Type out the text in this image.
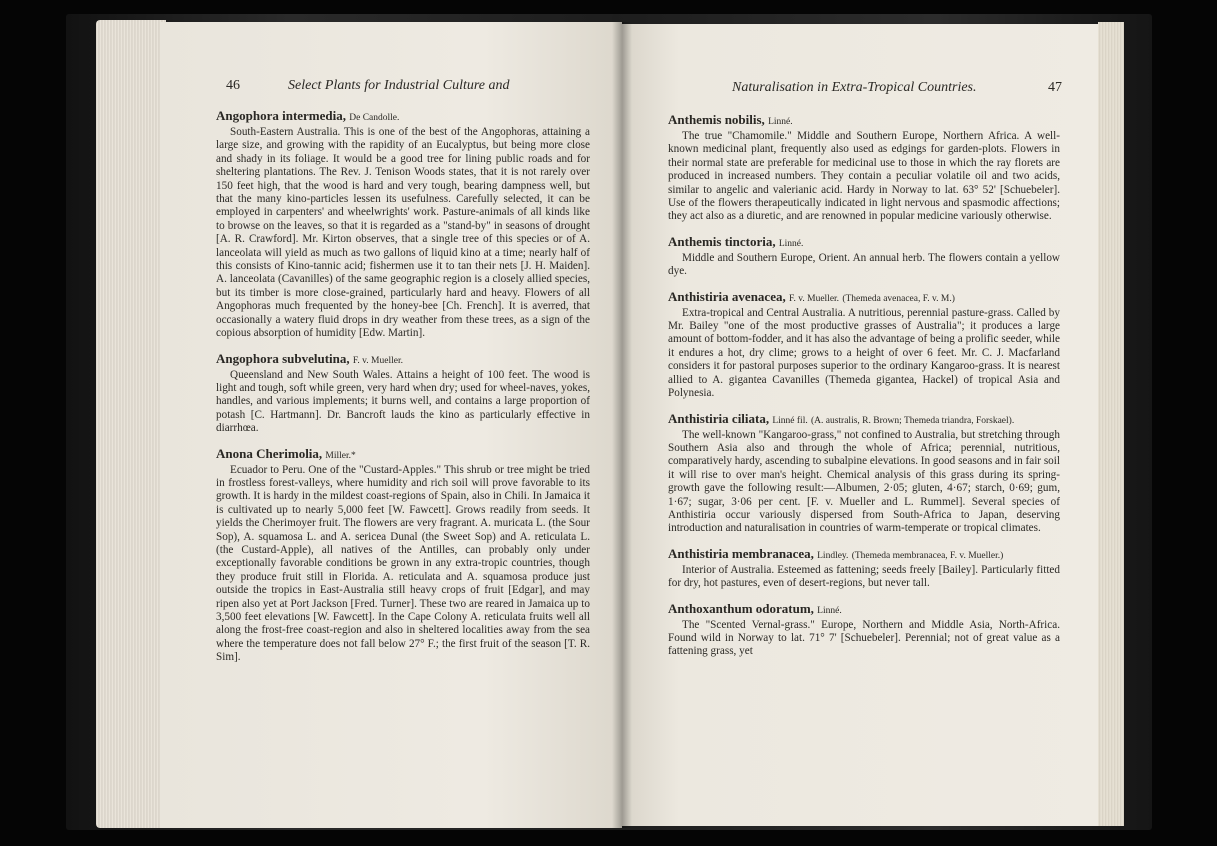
46	Select Plants for Industrial Culture and
Angophora intermedia, De Candolle.

South-Eastern Australia. This is one of the best of the Angophoras, attaining a large size, and growing with the rapidity of an Eucalyptus, but being more close and shady in its foliage. It would be a good tree for lining public roads and for sheltering plantations. The Rev. J. Tenison Woods states, that it is not rarely over 150 feet high, that the wood is hard and very tough, bearing dampness well, but that the many kino-particles lessen its usefulness. Carefully selected, it can be employed in carpenters' and wheelwrights' work. Pasture-animals of all kinds like to browse on the leaves, so that it is regarded as a "stand-by" in seasons of drought [A. R. Crawford]. Mr. Kirton observes, that a single tree of this species or of A. lanceolata will yield as much as two gallons of liquid kino at a time; nearly half of this consists of Kino-tannic acid; fishermen use it to tan their nets [J. H. Maiden]. A. lanceolata (Cavanilles) of the same geographic region is a closely allied species, but its timber is more close-grained, particularly hard and heavy. Flowers of all Angophoras much frequented by the honey-bee [Ch. French]. It is averred, that occasionally a watery fluid drops in dry weather from these trees, as a sign of the copious absorption of humidity [Edw. Martin].

Angophora subvelutina, F. v. Mueller.

Queensland and New South Wales. Attains a height of 100 feet. The wood is light and tough, soft while green, very hard when dry; used for wheel-naves, yokes, handles, and various implements; it burns well, and contains a large proportion of potash [C. Hartmann]. Dr. Bancroft lauds the kino as particularly effective in diarrhœa.

Anona Cherimolia, Miller.*

Ecuador to Peru. One of the "Custard-Apples." This shrub or tree might be tried in frostless forest-valleys, where humidity and rich soil will prove favorable to its growth. It is hardy in the mildest coast-regions of Spain, also in Chili. In Jamaica it is cultivated up to nearly 5,000 feet [W. Fawcett]. Grows readily from seeds. It yields the Cherimoyer fruit. The flowers are very fragrant. A. muricata L. (the Sour Sop), A. squamosa L. and A. sericea Dunal (the Sweet Sop) and A. reticulata L. (the Custard-Apple), all natives of the Antilles, can probably only under exceptionally favorable conditions be grown in any extra-tropic countries, though they produce fruit still in Florida. A. reticulata and A. squamosa produce just outside the tropics in East-Australia still heavy crops of fruit [Edgar], and may ripen also yet at Port Jackson [Fred. Turner]. These two are reared in Jamaica up to 3,500 feet elevations [W. Fawcett]. In the Cape Colony A. reticulata fruits well all along the frost-free coast-region and also in sheltered localities away from the sea where the temperature does not fall below 27° F.; the first fruit of the season [T. R. Sim].

Naturalisation in Extra-Tropical Countries.	47
Anthemis nobilis, Linné.

The true "Chamomile." Middle and Southern Europe, Northern Africa. A well-known medicinal plant, frequently also used as edgings for garden-plots. Flowers in their normal state are preferable for medicinal use to those in which the ray florets are produced in increased numbers. They contain a peculiar volatile oil and two acids, similar to angelic and valerianic acid. Hardy in Norway to lat. 63° 52' [Schuebeler]. Use of the flowers therapeutically indicated in light nervous and spasmodic affections; they act also as a diuretic, and are renowned in popular medicine variously otherwise.

Anthemis tinctoria, Linné.

Middle and Southern Europe, Orient. An annual herb. The flowers contain a yellow dye.

Anthistiria avenacea, F. v. Mueller. (Themeda avenacea, F. v. M.)

Extra-tropical and Central Australia. A nutritious, perennial pasture-grass. Called by Mr. Bailey "one of the most productive grasses of Australia"; it produces a large amount of bottom-fodder, and it has also the advantage of being a prolific seeder, while it endures a hot, dry clime; grows to a height of over 6 feet. Mr. C. J. Macfarland considers it for pastoral purposes superior to the ordinary Kangaroo-grass. It is nearest allied to A. gigantea Cavanilles (Themeda gigantea, Hackel) of tropical Asia and Polynesia.

Anthistiria ciliata, Linné fil. (A. australis, R. Brown; Themeda triandra, Forskael).

The well-known "Kangaroo-grass," not confined to Australia, but stretching through Southern Asia also and through the whole of Africa; perennial, nutritious, comparatively hardy, ascending to subalpine elevations. In good seasons and in fair soil it will rise to over man's height. Chemical analysis of this grass during its spring-growth gave the following result:—Albumen, 2·05; gluten, 4·67; starch, 0·69; gum, 1·67; sugar, 3·06 per cent. [F. v. Mueller and L. Rummel]. Several species of Anthistiria occur variously dispersed from South-Africa to Japan, deserving introduction and naturalisation in countries of warm-temperate or tropical climates.

Anthistiria membranacea, Lindley. (Themeda membranacea, F. v. Mueller.)

Interior of Australia. Esteemed as fattening; seeds freely [Bailey]. Particularly fitted for dry, hot pastures, even of desert-regions, but never tall.

Anthoxanthum odoratum, Linné.

The "Scented Vernal-grass." Europe, Northern and Middle Asia, North-Africa. Found wild in Norway to lat. 71° 7' [Schuebeler]. Perennial; not of great value as a fattening grass, yet
